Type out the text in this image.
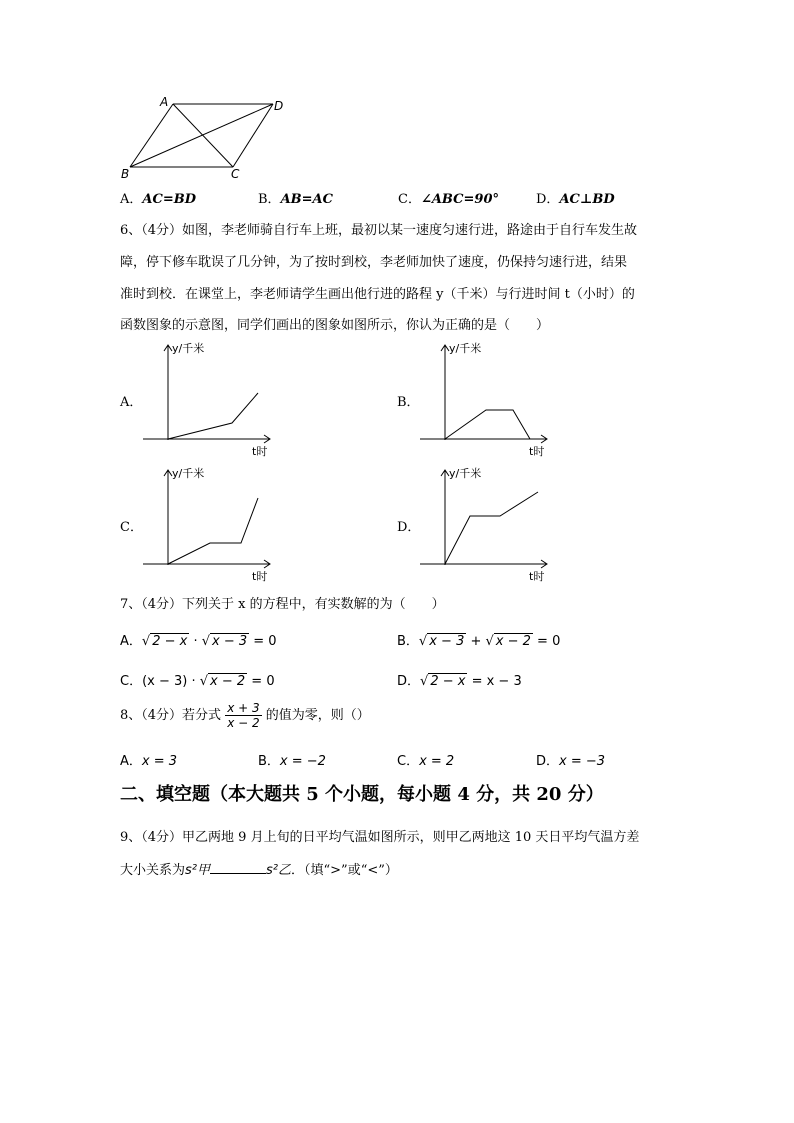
A	D
B	C
A．AC=BD	B．AB=AC	C．∠ABC=90°	D．AC⊥BD
6、（4分）如图，李老师骑自行车上班，最初以某一速度匀速行进，路途由于自行车发生故
障，停下修车耽误了几分钟，为了按时到校，李老师加快了速度，仍保持匀速行进，结果
准时到校．在课堂上，李老师请学生画出他行进的路程 y（千米）与行进时间 t（小时）的
函数图象的示意图，同学们画出的图象如图所示，你认为正确的是（　　）
A．	B．
C．	D．
y/千米
t时
y/千米
t时
y/千米
t时
y/千米
t时
7、（4分）下列关于 x 的方程中，有实数解的为（　　）
A．√ 2 − x · √ x − 3 = 0	B．√ x − 3 + √ x − 2 = 0
C．(x − 3) · √ x − 2 = 0	D．√ 2 − x = x − 3
8、（4分）若分式 $\frac{x + 3}{x - 2}$ 的值为零，则（）
A．x = 3	B．x = −2	C．x = 2	D．x = −3
二、填空题（本大题共 5 个小题，每小题 4 分，共 20 分）
9、（4分）甲乙两地 9 月上旬的日平均气温如图所示，则甲乙两地这 10 天日平均气温方差
大小关系为s²甲	s²乙．（填“>”或“<”）
